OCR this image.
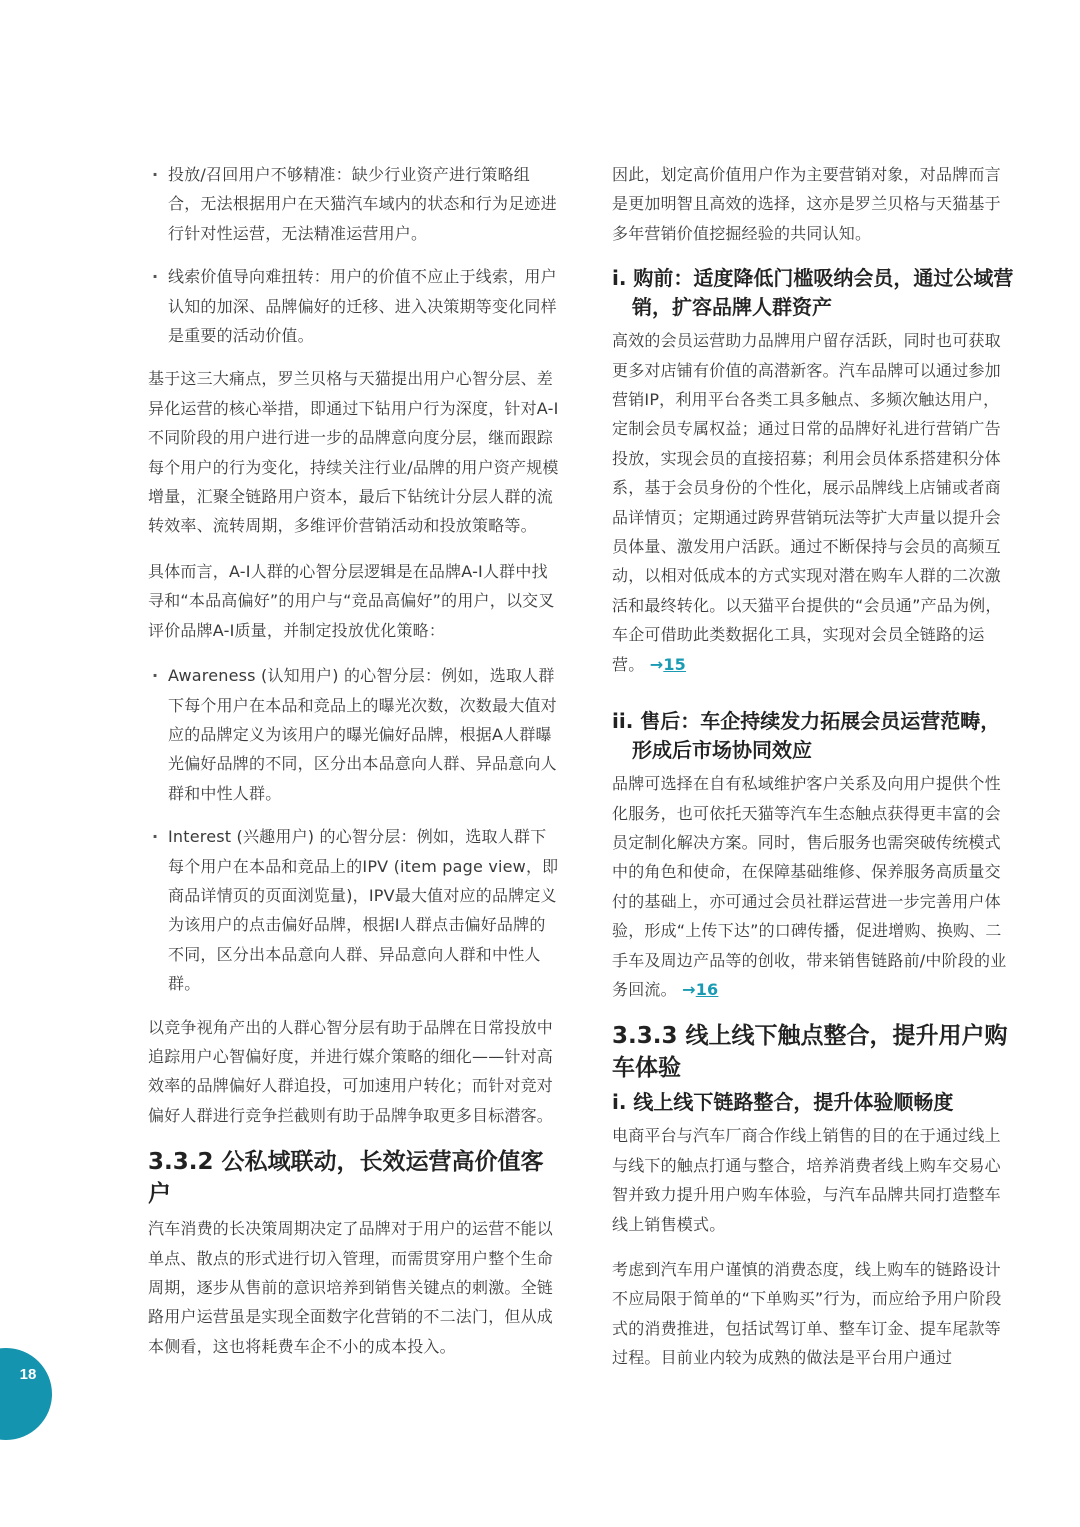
· 投放/召回用户不够精准：缺少行业资产进行策略组合，无法根据用户在天猫汽车域内的状态和行为足迹进行针对性运营，无法精准运营用户。
· 线索价值导向难扭转：用户的价值不应止于线索，用户认知的加深、品牌偏好的迁移、进入决策期等变化同样是重要的活动价值。

基于这三大痛点，罗兰贝格与天猫提出用户心智分层、差异化运营的核心举措，即通过下钻用户行为深度，针对A-I不同阶段的用户进行进一步的品牌意向度分层，继而跟踪每个用户的行为变化，持续关注行业/品牌的用户资产规模增量，汇聚全链路用户资本，最后下钻统计分层人群的流转效率、流转周期，多维评价营销活动和投放策略等。

具体而言，A-I人群的心智分层逻辑是在品牌A-I人群中找寻和“本品高偏好”的用户与“竞品高偏好”的用户，以交叉评价品牌A-I质量，并制定投放优化策略：

· Awareness (认知用户) 的心智分层：例如，选取人群下每个用户在本品和竞品上的曝光次数，次数最大值对应的品牌定义为该用户的曝光偏好品牌，根据A人群曝光偏好品牌的不同，区分出本品意向人群、异品意向人群和中性人群。
· Interest (兴趣用户) 的心智分层：例如，选取人群下每个用户在本品和竞品上的IPV (item page view，即商品详情页的页面浏览量)，IPV最大值对应的品牌定义为该用户的点击偏好品牌，根据I人群点击偏好品牌的不同，区分出本品意向人群、异品意向人群和中性人群。

以竞争视角产出的人群心智分层有助于品牌在日常投放中追踪用户心智偏好度，并进行媒介策略的细化——针对高效率的品牌偏好人群追投，可加速用户转化；而针对竞对偏好人群进行竞争拦截则有助于品牌争取更多目标潜客。

3.3.2 公私域联动，长效运营高价值客户

汽车消费的长决策周期决定了品牌对于用户的运营不能以单点、散点的形式进行切入管理，而需贯穿用户整个生命周期，逐步从售前的意识培养到销售关键点的刺激。全链路用户运营虽是实现全面数字化营销的不二法门，但从成本侧看，这也将耗费车企不小的成本投入。

因此，划定高价值用户作为主要营销对象，对品牌而言是更加明智且高效的选择，这亦是罗兰贝格与天猫基于多年营销价值挖掘经验的共同认知。

i. 购前：适度降低门槛吸纳会员，通过公域营销，扩容品牌人群资产

高效的会员运营助力品牌用户留存活跃，同时也可获取更多对店铺有价值的高潜新客。汽车品牌可以通过参加营销IP，利用平台各类工具多触点、多频次触达用户，定制会员专属权益；通过日常的品牌好礼进行营销广告投放，实现会员的直接招募；利用会员体系搭建积分体系，基于会员身份的个性化，展示品牌线上店铺或者商品详情页；定期通过跨界营销玩法等扩大声量以提升会员体量、激发用户活跃。通过不断保持与会员的高频互动，以相对低成本的方式实现对潜在购车人群的二次激活和最终转化。以天猫平台提供的“会员通”产品为例，车企可借助此类数据化工具，实现对会员全链路的运营。 →15

ii. 售后：车企持续发力拓展会员运营范畴，形成后市场协同效应

品牌可选择在自有私域维护客户关系及向用户提供个性化服务，也可依托天猫等汽车生态触点获得更丰富的会员定制化解决方案。同时，售后服务也需突破传统模式中的角色和使命，在保障基础维修、保养服务高质量交付的基础上，亦可通过会员社群运营进一步完善用户体验，形成“上传下达”的口碑传播，促进增购、换购、二手车及周边产品等的创收，带来销售链路前/中阶段的业务回流。 →16

3.3.3 线上线下触点整合，提升用户购车体验
i. 线上线下链路整合，提升体验顺畅度

电商平台与汽车厂商合作线上销售的目的在于通过线上与线下的触点打通与整合，培养消费者线上购车交易心智并致力提升用户购车体验，与汽车品牌共同打造整车线上销售模式。

考虑到汽车用户谨慎的消费态度，线上购车的链路设计不应局限于简单的“下单购买”行为，而应给予用户阶段式的消费推进，包括试驾订单、整车订金、提车尾款等过程。目前业内较为成熟的做法是平台用户通过

18
